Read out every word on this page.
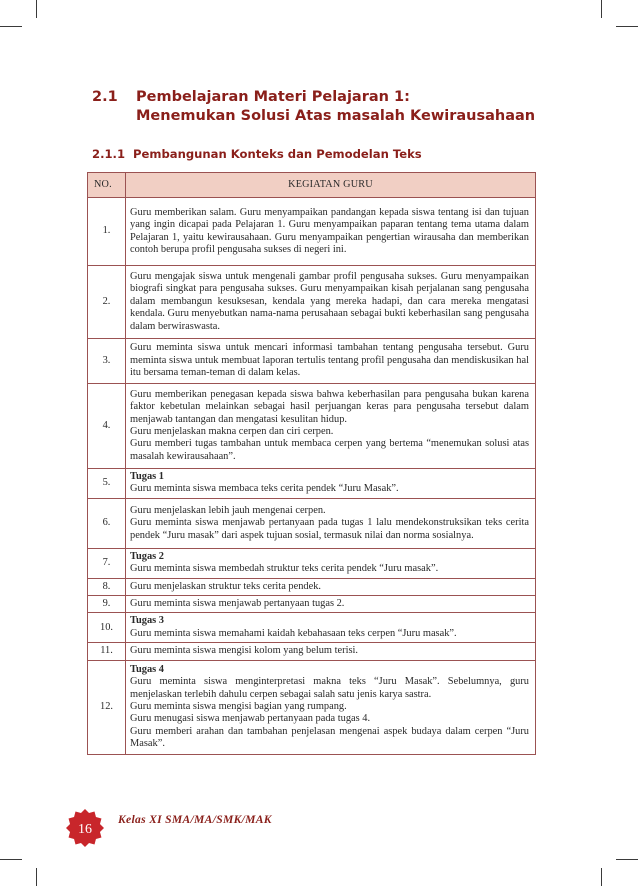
2.1 Pembelajaran Materi Pelajaran 1:
Menemukan Solusi Atas masalah Kewirausahaan
2.1.1 Pembangunan Konteks dan Pemodelan Teks
NO.	KEGIATAN GURU
1.	Guru memberikan salam. Guru menyampaikan pandangan kepada siswa tentang isi dan tujuan yang ingin dicapai pada Pelajaran 1. Guru menyampaikan paparan tentang tema utama dalam Pelajaran 1, yaitu kewirausahaan. Guru menyampaikan pengertian wirausaha dan memberikan contoh berupa profil pengusaha sukses di negeri ini.

2.	Guru mengajak siswa untuk mengenali gambar profil pengusaha sukses. Guru menyampaikan biografi singkat para pengusaha sukses. Guru menyampaikan kisah perjalanan sang pengusaha dalam membangun kesuksesan, kendala yang mereka hadapi, dan cara mereka mengatasi kendala. Guru menyebutkan nama-nama perusahaan sebagai bukti keberhasilan sang pengusaha dalam berwiraswasta.

3.	Guru meminta siswa untuk mencari informasi tambahan tentang pengusaha tersebut. Guru meminta siswa untuk membuat laporan tertulis tentang profil pengusaha dan mendiskusikan hal itu bersama teman-teman di dalam kelas.

4.	Guru memberikan penegasan kepada siswa bahwa keberhasilan para pengusaha bukan karena faktor kebetulan melainkan sebagai hasil perjuangan keras para pengusaha tersebut dalam menjawab tantangan dan mengatasi kesulitan hidup.
Guru menjelaskan makna cerpen dan ciri cerpen.
Guru memberi tugas tambahan untuk membaca cerpen yang bertema “menemukan solusi atas masalah kewirausahaan”.

5.	Tugas 1
Guru meminta siswa membaca teks cerita pendek “Juru Masak”.

6.	Guru menjelaskan lebih jauh mengenai cerpen.
Guru meminta siswa menjawab pertanyaan pada tugas 1 lalu mendekonstruksikan teks cerita pendek “Juru masak” dari aspek tujuan sosial, termasuk nilai dan norma sosialnya.

7.	Tugas 2
Guru meminta siswa membedah struktur teks cerita pendek “Juru masak”.

8.	Guru menjelaskan struktur teks cerita pendek.

9.	Guru meminta siswa menjawab pertanyaan tugas 2.

10.	Tugas 3
Guru meminta siswa memahami kaidah kebahasaan teks cerpen “Juru masak”.

11.	Guru meminta siswa mengisi kolom yang belum terisi.

12.	Tugas 4
Guru meminta siswa menginterpretasi makna teks “Juru Masak”. Sebelumnya, guru menjelaskan terlebih dahulu cerpen sebagai salah satu jenis karya sastra.
Guru meminta siswa mengisi bagian yang rumpang.
Guru menugasi siswa menjawab pertanyaan pada tugas 4.
Guru memberi arahan dan tambahan penjelasan mengenai aspek budaya dalam cerpen “Juru Masak”.
16
Kelas XI SMA/MA/SMK/MAK
